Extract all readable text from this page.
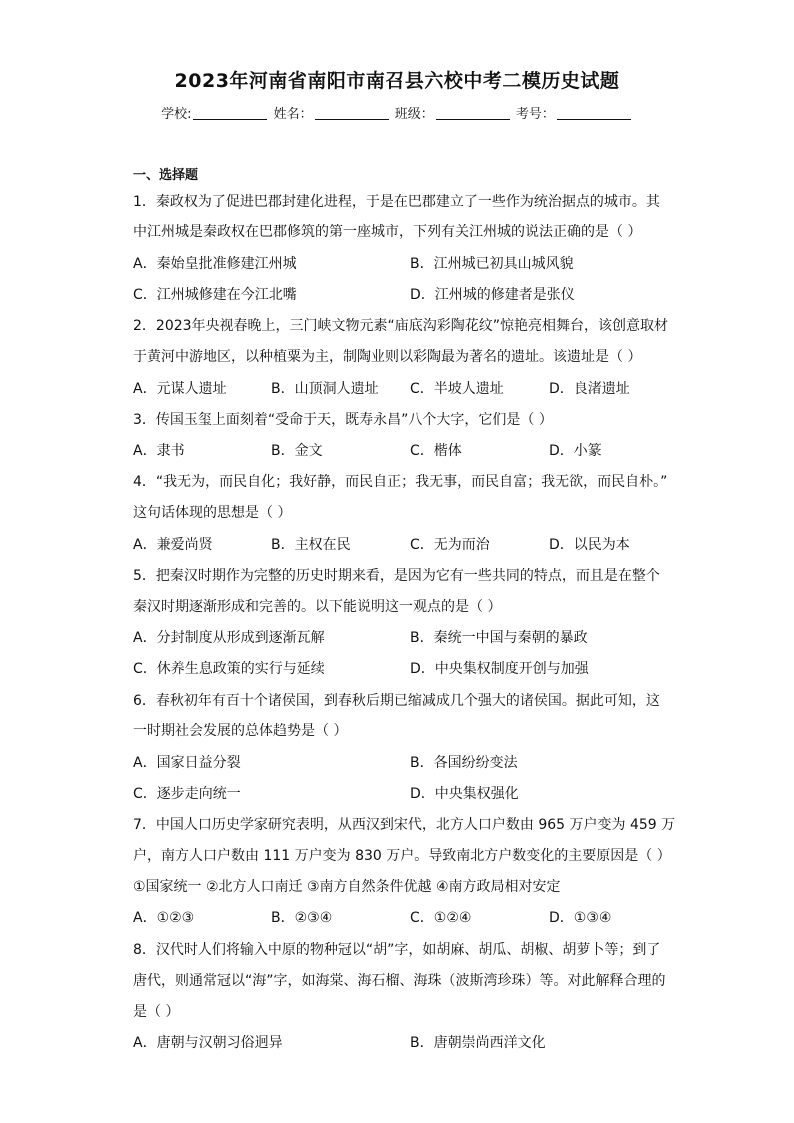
2023年河南省南阳市南召县六校中考二模历史试题
学校:	姓名：	班级：	考号：
一、选择题
1．秦政权为了促进巴郡封建化进程，于是在巴郡建立了一些作为统治据点的城市。其
中江州城是秦政权在巴郡修筑的第一座城市，下列有关江州城的说法正确的是（ ）
A．秦始皇批准修建江州城	B．江州城已初具山城风貌
C．江州城修建在今江北嘴	D．江州城的修建者是张仪
2．2023年央视春晚上，三门峡文物元素“庙底沟彩陶花纹”惊艳亮相舞台，该创意取材
于黄河中游地区，以种植粟为主，制陶业则以彩陶最为著名的遗址。该遗址是（ ）
A．元谋人遗址	B．山顶洞人遗址 C．半坡人遗址	D．良渚遗址
3．传国玉玺上面刻着“受命于天，既寿永昌”八个大字，它们是（ ）
A．隶书	B．金文	C．楷体	D．小篆
4．“我无为，而民自化；我好静，而民自正；我无事，而民自富；我无欲，而民自朴。”
这句话体现的思想是（ ）
A．兼爱尚贤	B．主权在民	C．无为而治	D．以民为本
5．把秦汉时期作为完整的历史时期来看，是因为它有一些共同的特点，而且是在整个
秦汉时期逐渐形成和完善的。以下能说明这一观点的是（ ）
A．分封制度从形成到逐渐瓦解	B．秦统一中国与秦朝的暴政
C．休养生息政策的实行与延续	D．中央集权制度开创与加强
6．春秋初年有百十个诸侯国，到春秋后期已缩减成几个强大的诸侯国。据此可知，这
一时期社会发展的总体趋势是（ ）
A．国家日益分裂	B．各国纷纷变法
C．逐步走向统一	D．中央集权强化
7．中国人口历史学家研究表明，从西汉到宋代，北方人口户数由 965 万户变为 459 万
户，南方人口户数由 111 万户变为 830 万户。导致南北方户数变化的主要原因是（ ）
①国家统一 ②北方人口南迁 ③南方自然条件优越 ④南方政局相对安定
A．①②③	B．②③④	C．①②④	D．①③④
8．汉代时人们将输入中原的物种冠以“胡”字，如胡麻、胡瓜、胡椒、胡萝卜等；到了
唐代，则通常冠以“海”字，如海棠、海石榴、海珠（波斯湾珍珠）等。对此解释合理的
是（ ）
A．唐朝与汉朝习俗迥异	B．唐朝崇尚西洋文化
